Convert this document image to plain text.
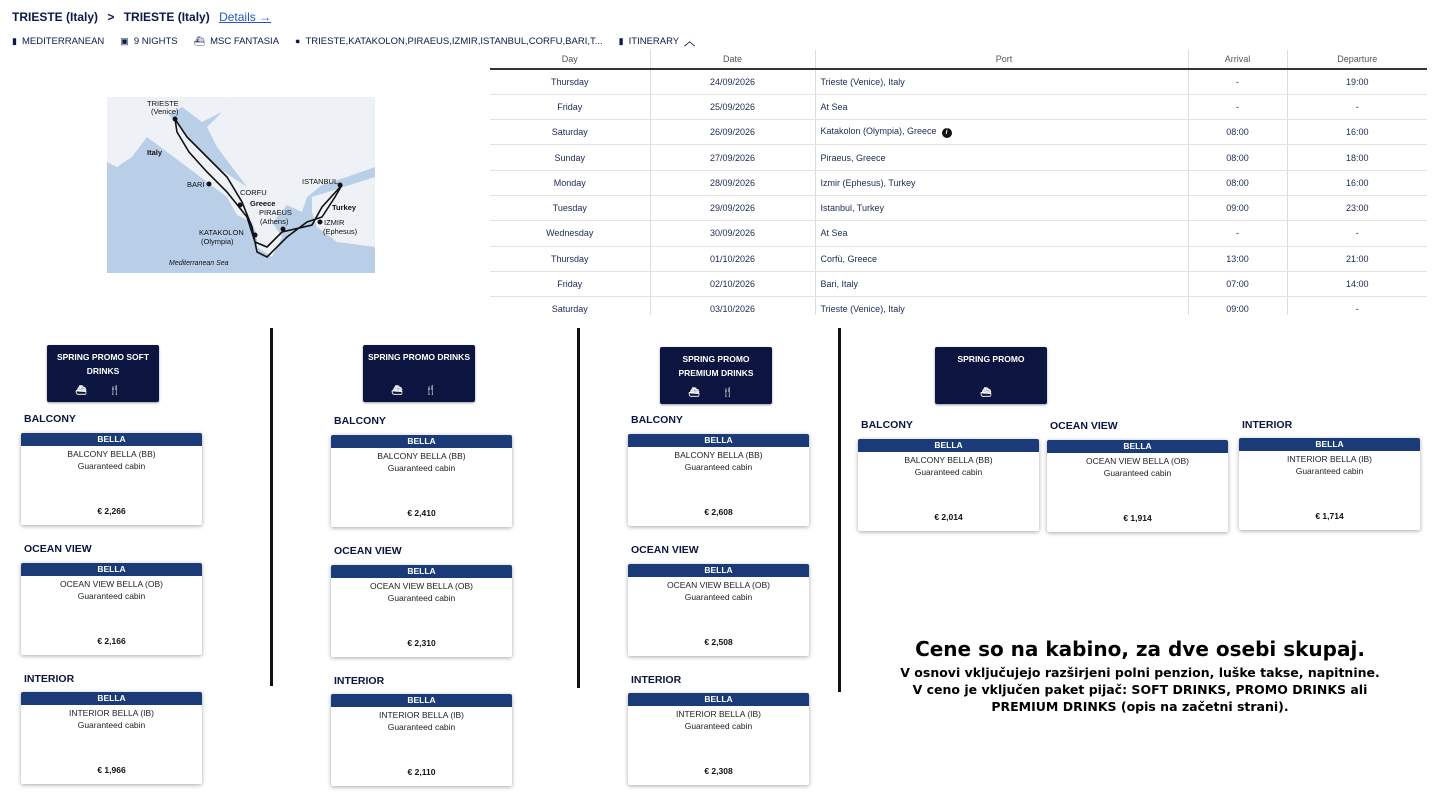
TRIESTE (Italy) > TRIESTE (Italy) Details →
▮ MEDITERRANEAN ▣ 9 NIGHTS ⛴ MSC FANTASIA ● TRIESTE,KATAKOLON,PIRAEUS,IZMIR,ISTANBUL,CORFU,BARI,T... ▮ ITINERARY ︿
TRIESTE
(Venice)
Italy
BARI
CORFU
Greece
PIRAEUS
(Athens)
ISTANBUL
Turkey
IZMIR
(Ephesus)
KATAKOLON
(Olympia)
Mediterranean Sea
Day	Date	Port	Arrival	Departure
Thursday	24/09/2026	Trieste (Venice), Italy	-	19:00
Friday	25/09/2026	At Sea	-	-
Saturday	26/09/2026	Katakolon (Olympia), Greece i	08:00	16:00
Sunday	27/09/2026	Piraeus, Greece	08:00	18:00
Monday	28/09/2026	Izmir (Ephesus), Turkey	08:00	16:00
Tuesday	29/09/2026	Istanbul, Turkey	09:00	23:00
Wednesday	30/09/2026	At Sea	-	-
Thursday	01/10/2026	Corfù, Greece	13:00	21:00
Friday	02/10/2026	Bari, Italy	07:00	14:00
Saturday	03/10/2026	Trieste (Venice), Italy	09:00	-
SPRING PROMO SOFT DRINKS
⛴ 🍴
BALCONY
BELLA
BALCONY BELLA (BB)
Guaranteed cabin
€ 2,266
OCEAN VIEW
BELLA
OCEAN VIEW BELLA (OB)
Guaranteed cabin
€ 2,166
INTERIOR
BELLA
INTERIOR BELLA (IB)
Guaranteed cabin
€ 1,966
SPRING PROMO DRINKS
⛴ 🍴
BALCONY
BELLA
BALCONY BELLA (BB)
Guaranteed cabin
€ 2,410
OCEAN VIEW
BELLA
OCEAN VIEW BELLA (OB)
Guaranteed cabin
€ 2,310
INTERIOR
BELLA
INTERIOR BELLA (IB)
Guaranteed cabin
€ 2,110
SPRING PROMO PREMIUM DRINKS
⛴ 🍴
BALCONY
BELLA
BALCONY BELLA (BB)
Guaranteed cabin
€ 2,608
OCEAN VIEW
BELLA
OCEAN VIEW BELLA (OB)
Guaranteed cabin
€ 2,508
INTERIOR
BELLA
INTERIOR BELLA (IB)
Guaranteed cabin
€ 2,308
SPRING PROMO
⛴
BALCONY
BELLA
BALCONY BELLA (BB)
Guaranteed cabin
€ 2,014
OCEAN VIEW
BELLA
OCEAN VIEW BELLA (OB)
Guaranteed cabin
€ 1,914
INTERIOR
BELLA
INTERIOR BELLA (IB)
Guaranteed cabin
€ 1,714
Cene so na kabino, za dve osebi skupaj.
V osnovi vključujejo razširjeni polni penzion, luške takse, napitnine.
V ceno je vključen paket pijač: SOFT DRINKS, PROMO DRINKS ali PREMIUM DRINKS (opis na začetni strani).
